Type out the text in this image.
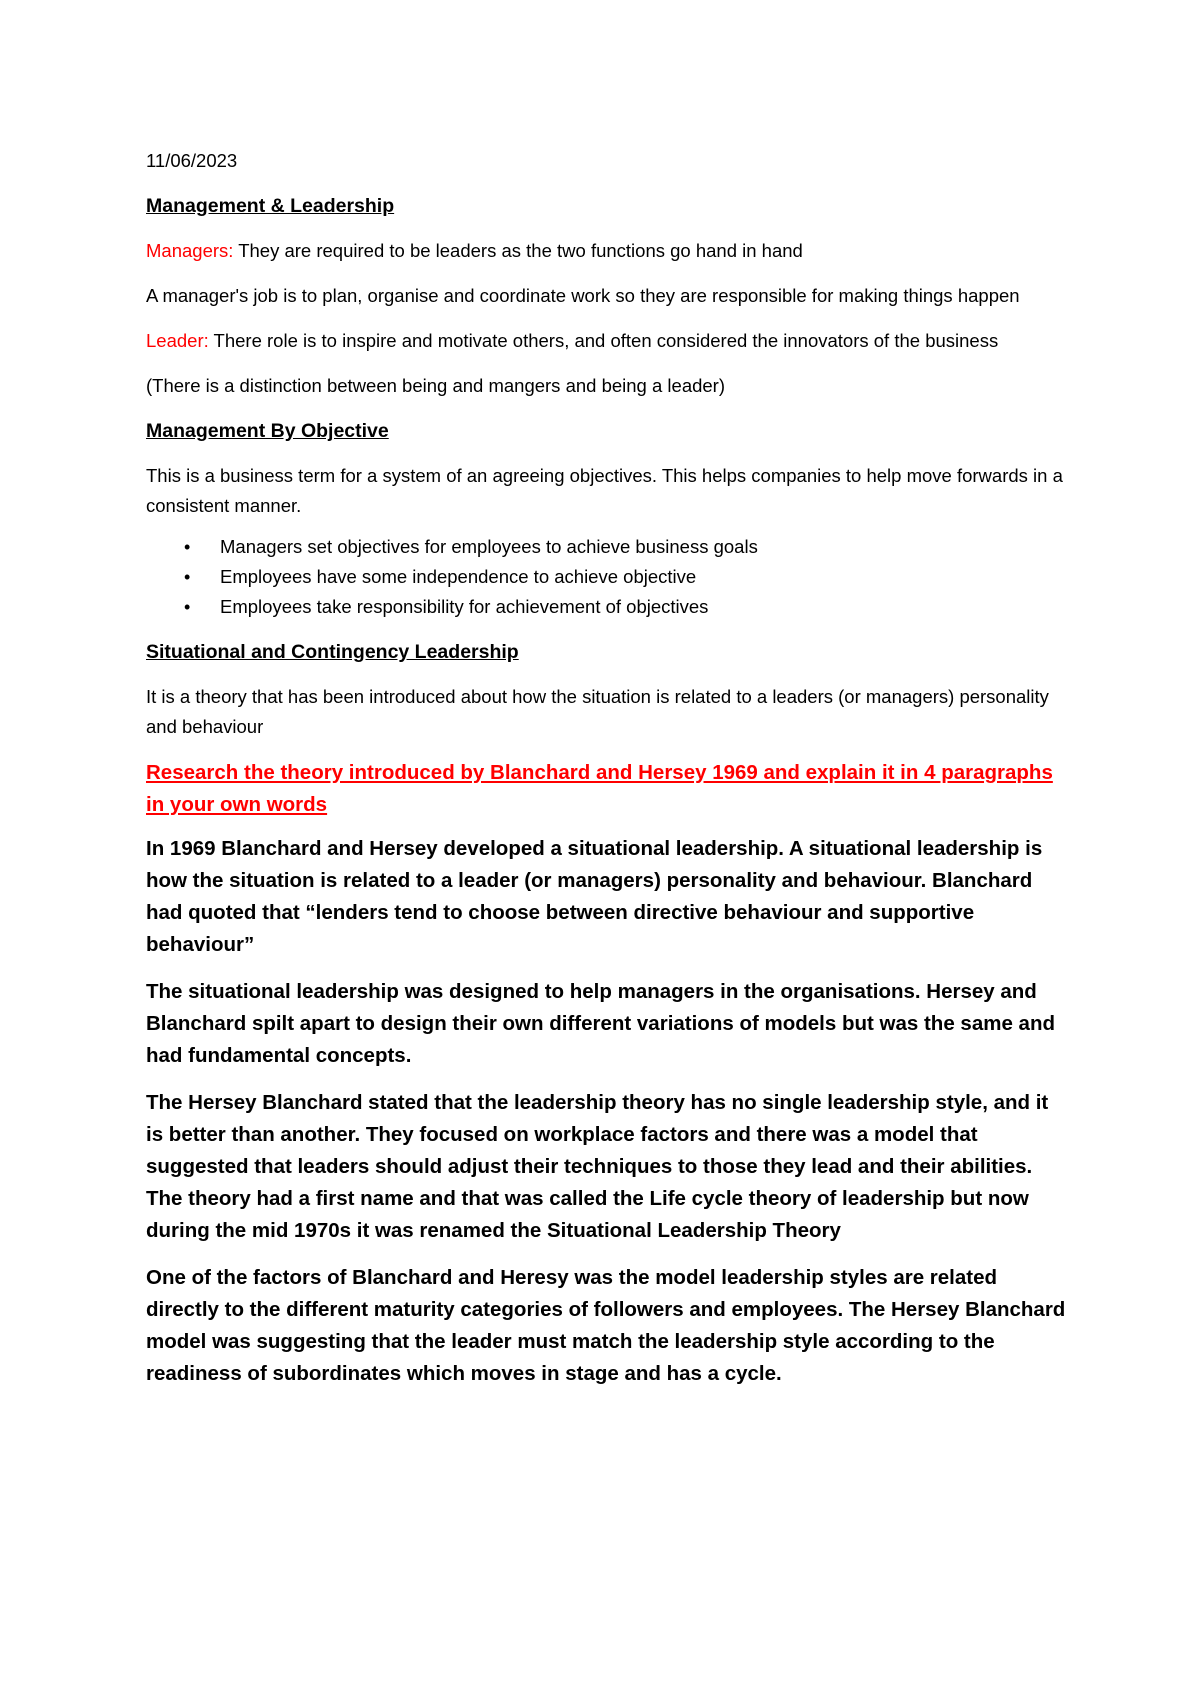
11/06/2023

Management & Leadership

Managers: They are required to be leaders as the two functions go hand in hand

A manager's job is to plan, organise and coordinate work so they are responsible for making things happen

Leader: There role is to inspire and motivate others, and often considered the innovators of the business

(There is a distinction between being and mangers and being a leader)

Management By Objective

This is a business term for a system of an agreeing objectives. This helps companies to help move forwards in a consistent manner.

• Managers set objectives for employees to achieve business goals
• Employees have some independence to achieve objective
• Employees take responsibility for achievement of objectives

Situational and Contingency Leadership

It is a theory that has been introduced about how the situation is related to a leaders (or managers) personality and behaviour

Research the theory introduced by Blanchard and Hersey 1969 and explain it in 4 paragraphs in your own words

In 1969 Blanchard and Hersey developed a situational leadership. A situational leadership is how the situation is related to a leader (or managers) personality and behaviour. Blanchard had quoted that “lenders tend to choose between directive behaviour and supportive behaviour”

The situational leadership was designed to help managers in the organisations. Hersey and Blanchard spilt apart to design their own different variations of models but was the same and had fundamental concepts.

The Hersey Blanchard stated that the leadership theory has no single leadership style, and it is better than another. They focused on workplace factors and there was a model that suggested that leaders should adjust their techniques to those they lead and their abilities. The theory had a first name and that was called the Life cycle theory of leadership but now during the mid 1970s it was renamed the Situational Leadership Theory

One of the factors of Blanchard and Heresy was the model leadership styles are related directly to the different maturity categories of followers and employees. The Hersey Blanchard model was suggesting that the leader must match the leadership style according to the readiness of subordinates which moves in stage and has a cycle.
